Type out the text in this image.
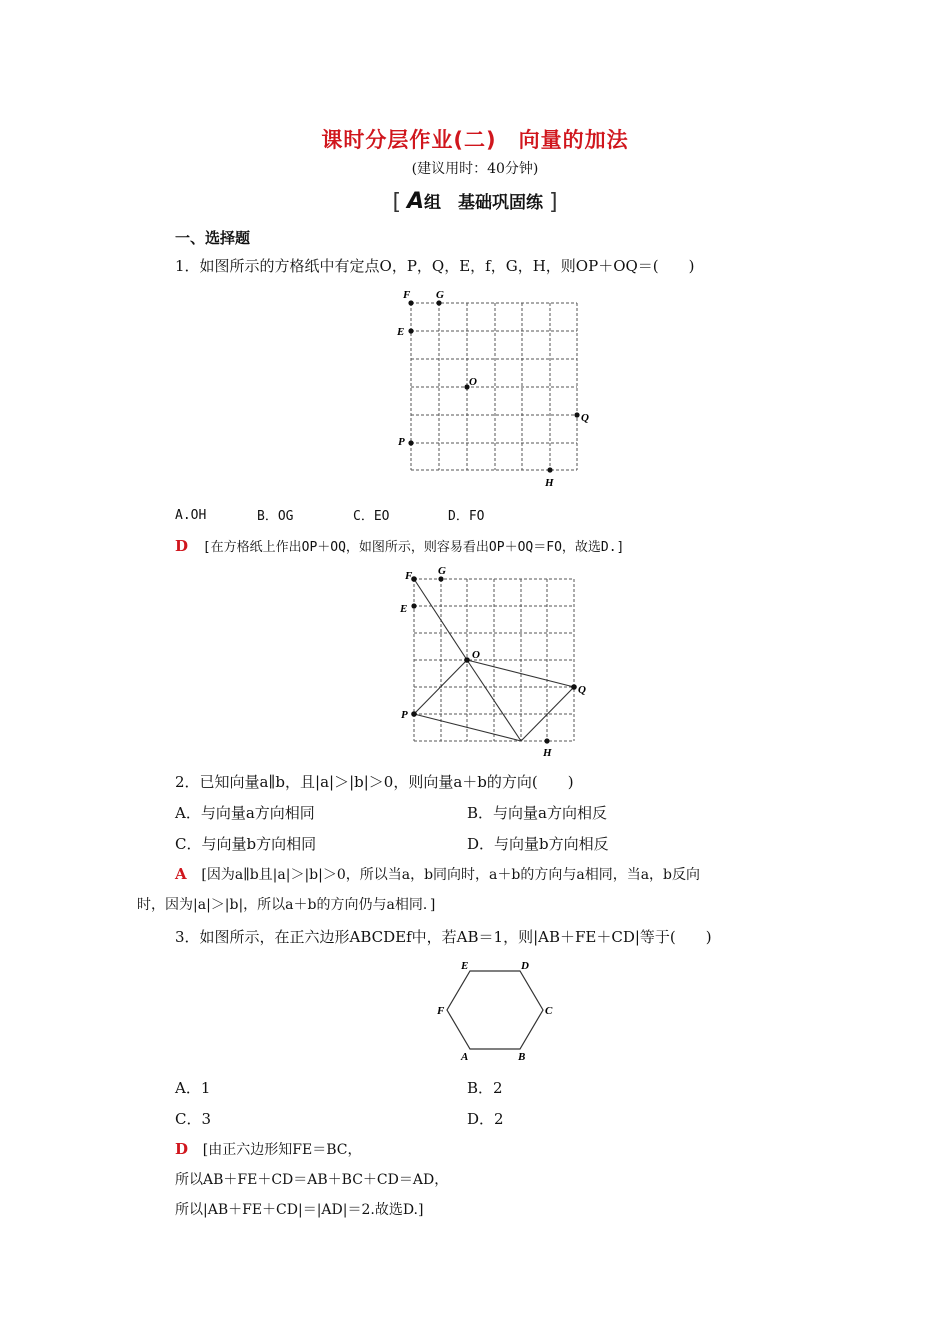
课时分层作业(二) 向量的加法
(建议用时：40分钟)
[ A组　基础巩固练 ]
一、选择题
1．如图所示的方格纸中有定点O，P，Q，E，f，G，H，则OP＋OQ＝(　　)
F G
E
O
Q
P
H
A.OH	B．OG	C．EO	D．FO
D [在方格纸上作出OP＋OQ，如图所示，则容易看出OP＋OQ＝FO，故选D.]
F G
E
O
Q
P
H
2．已知向量a∥b，且|a|＞|b|＞0，则向量a＋b的方向(　　)
A．与向量a方向相同	B．与向量a方向相反
C．与向量b方向相同	D．与向量b方向相反
A [因为a∥b且|a|＞|b|＞0，所以当a，b同向时，a＋b的方向与a相同，当a，b反向
时，因为|a|＞|b|，所以a＋b的方向仍与a相同．]
3．如图所示，在正六边形ABCDEf中，若AB＝1，则|AB＋FE＋CD|等于(　　)
E	D
F	C
A	B
A．1	B．2
C．3	D．2
D [由正六边形知FE＝BC，
所以AB＋FE＋CD＝AB＋BC＋CD＝AD，
所以|AB＋FE＋CD|＝|AD|＝2.故选D.]
